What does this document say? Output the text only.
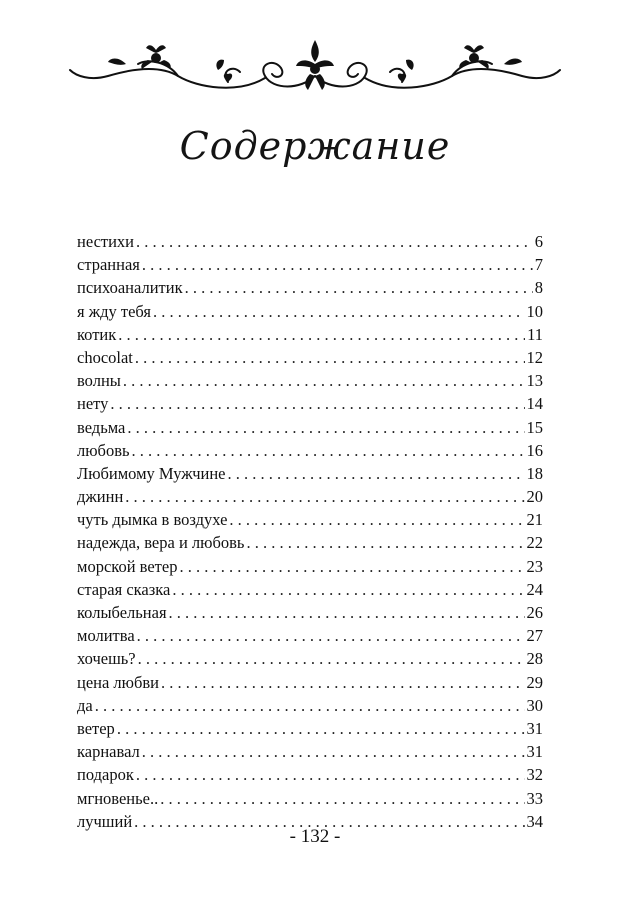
Содержание
нестихи . . .	6
странная . . .	7
психоаналитик . . .	8
я жду тебя . . .	10
котик . . .	11
chocolat . . .	12
волны . . .	13
нету . . .	14
ведьма . . .	15
любовь . . .	16
Любимому Мужчине . . .	18
джинн . . .	20
чуть дымка в воздухе . . .	21
надежда, вера и любовь . . .	22
морской ветер . . .	23
старая сказка . . .	24
колыбельная . . .	26
молитва . . .	27
хочешь? . . .	28
цена любви . . .	29
да . . .	30
ветер . . .	31
карнавал . . .	31
подарок . . .	32
мгновенье.. . . .	33
лучший . . .	34
- 132 -
